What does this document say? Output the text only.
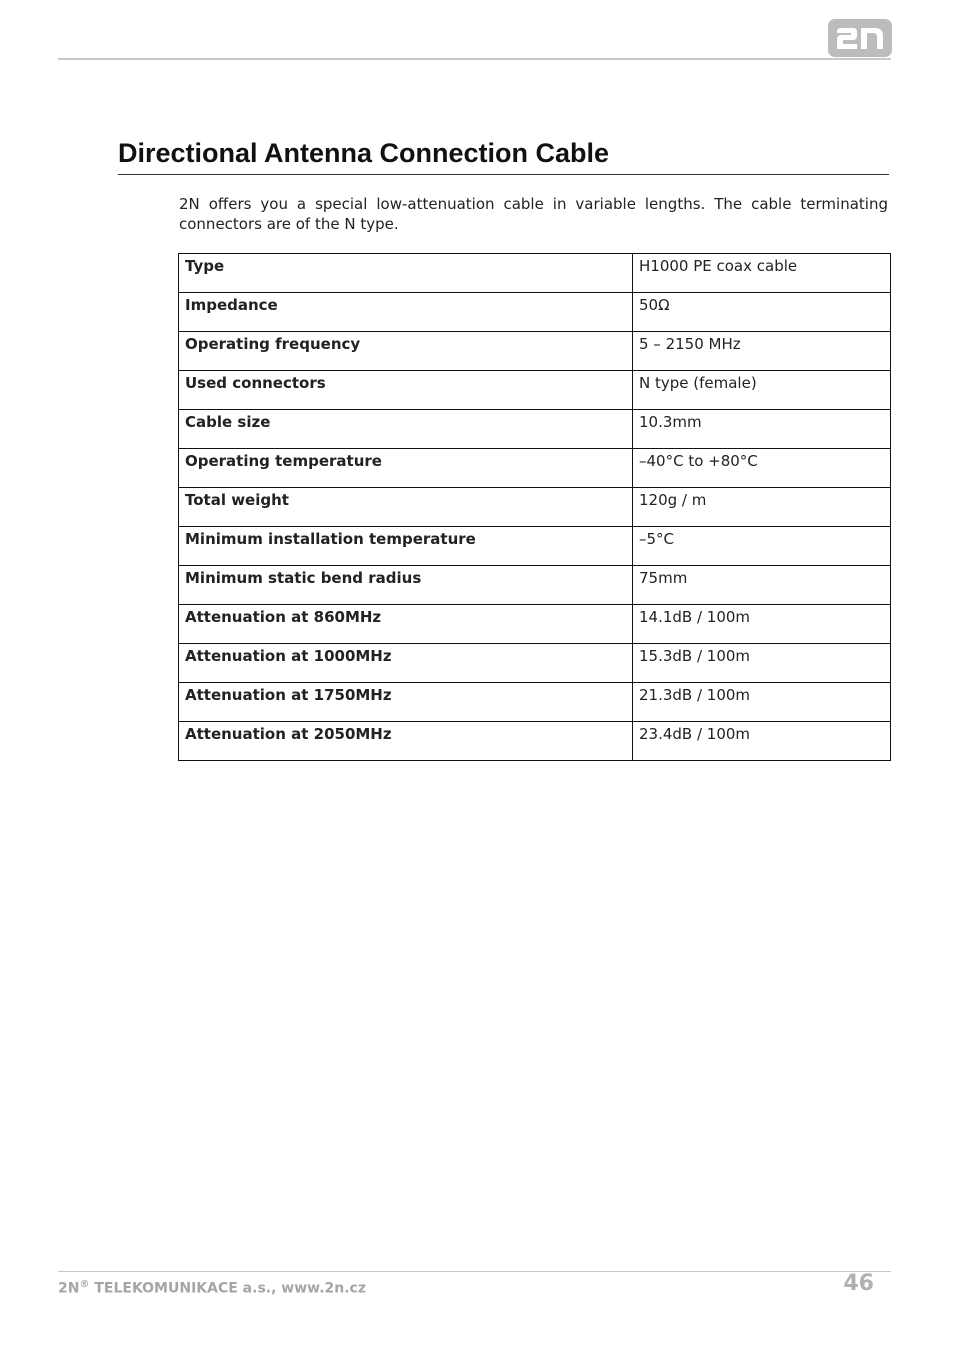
Directional Antenna Connection Cable

2N offers you a special low-attenuation cable in variable lengths. The cable terminating connectors are of the N type.

Type	H1000 PE coax cable
Impedance	50Ω
Operating frequency	5 – 2150 MHz
Used connectors	N type (female)
Cable size	10.3mm
Operating temperature	–40°C to +80°C
Total weight	120g / m
Minimum installation temperature	–5°C
Minimum static bend radius	75mm
Attenuation at 860MHz	14.1dB / 100m
Attenuation at 1000MHz	15.3dB / 100m
Attenuation at 1750MHz	21.3dB / 100m
Attenuation at 2050MHz	23.4dB / 100m
2N® TELEKOMUNIKACE a.s., www.2n.cz	46
